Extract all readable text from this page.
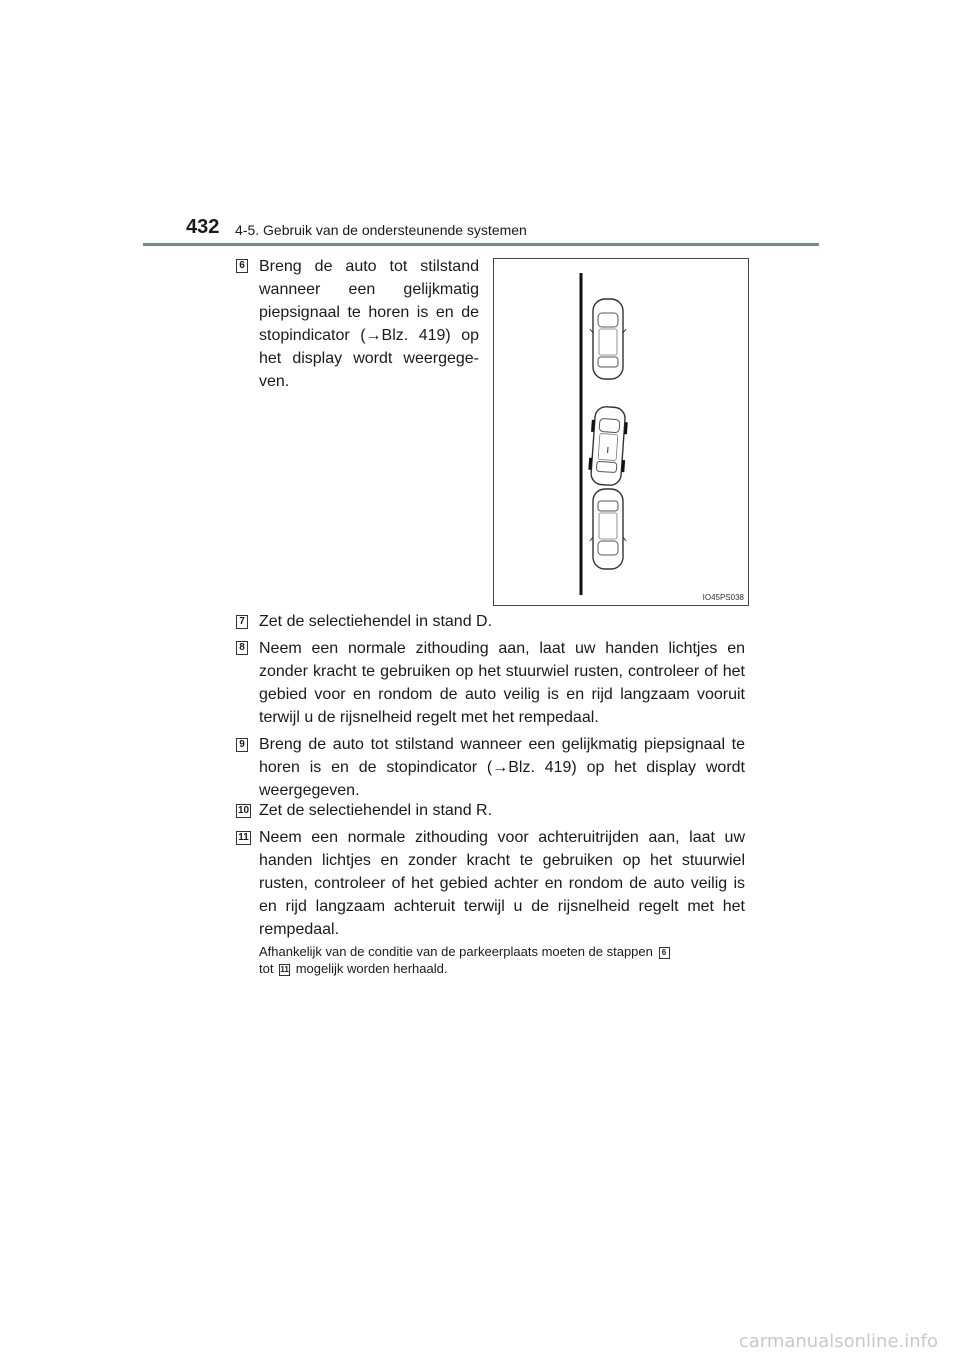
432 4-5. Gebruik van de ondersteunende systemen
6 Breng de auto tot stilstand wanneer een gelijkmatig piepsignaal te horen is en de stopindicator (→Blz. 419) op het display wordt weergege-ven.
IO45PS038
7 Zet de selectiehendel in stand D.
8 Neem een normale zithouding aan, laat uw handen lichtjes en zonder kracht te gebruiken op het stuurwiel rusten, controleer of het gebied voor en rondom de auto veilig is en rijd langzaam vooruit terwijl u de rijsnelheid regelt met het rempedaal.
9 Breng de auto tot stilstand wanneer een gelijkmatig piepsignaal te horen is en de stopindicator (→Blz. 419) op het display wordt weergegeven.
10 Zet de selectiehendel in stand R.
11 Neem een normale zithouding voor achteruitrijden aan, laat uw handen lichtjes en zonder kracht te gebruiken op het stuurwiel rusten, controleer of het gebied achter en rondom de auto veilig is en rijd langzaam achteruit terwijl u de rijsnelheid regelt met het rempedaal.
Afhankelijk van de conditie van de parkeerplaats moeten de stappen 6
tot 11 mogelijk worden herhaald.
carmanualsonline.info
